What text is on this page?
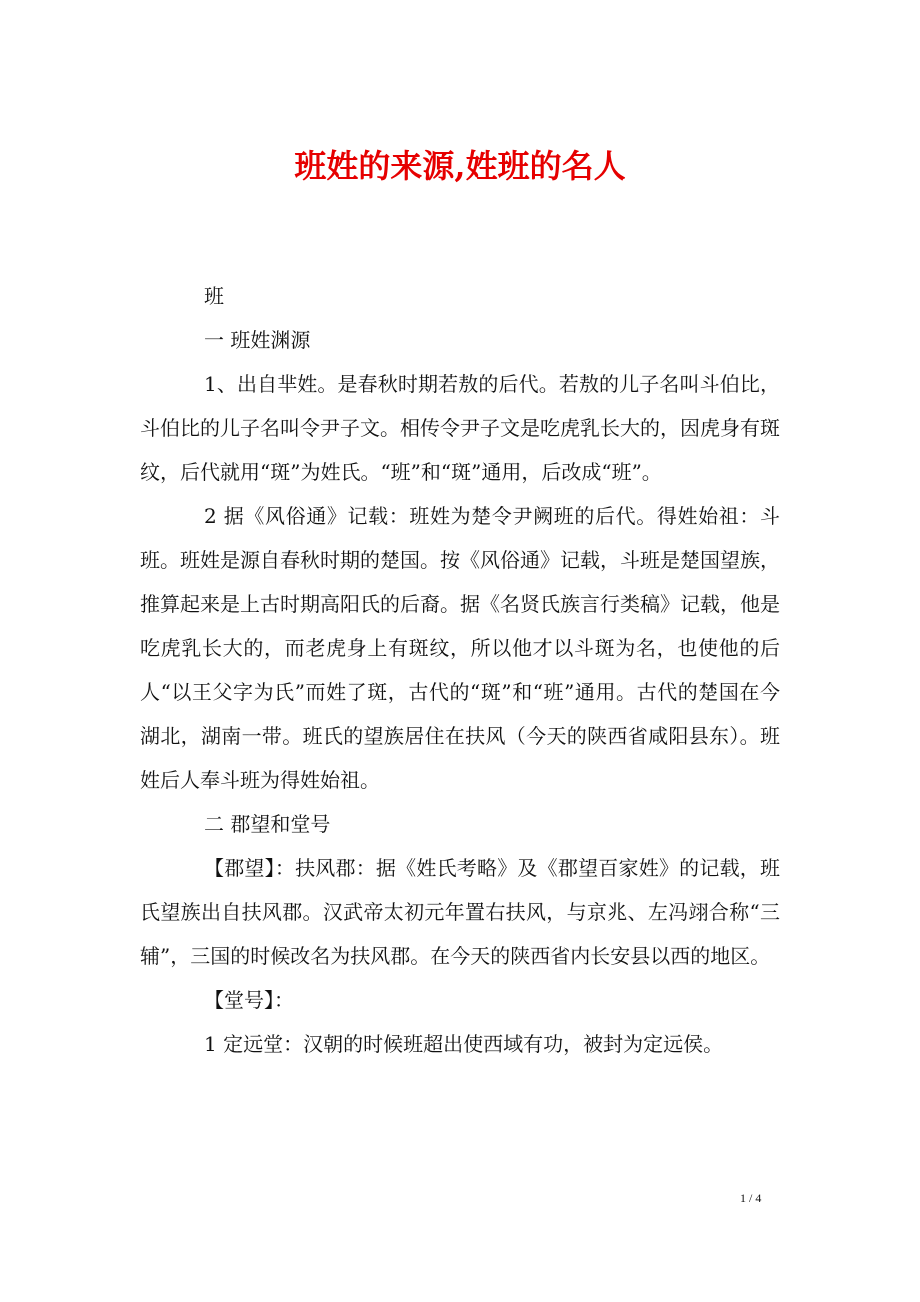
班姓的来源,姓班的名人

班

一 班姓渊源

1、出自芈姓。是春秋时期若敖的后代。若敖的儿子名叫斗伯比，斗伯比的儿子名叫令尹子文。相传令尹子文是吃虎乳长大的，因虎身有斑纹，后代就用“斑”为姓氏。“班”和“斑”通用，后改成“班”。

2 据《风俗通》记载：班姓为楚令尹阙班的后代。得姓始祖：斗班。班姓是源自春秋时期的楚国。按《风俗通》记载，斗班是楚国望族，推算起来是上古时期高阳氏的后裔。据《名贤氏族言行类稿》记载，他是吃虎乳长大的，而老虎身上有斑纹，所以他才以斗斑为名，也使他的后人“以王父字为氏”而姓了斑，古代的“斑”和“班”通用。古代的楚国在今湖北，湖南一带。班氏的望族居住在扶风（今天的陕西省咸阳县东）。班姓后人奉斗班为得姓始祖。

二 郡望和堂号

【郡望】：扶风郡：据《姓氏考略》及《郡望百家姓》的记载，班氏望族出自扶风郡。汉武帝太初元年置右扶风，与京兆、左冯翊合称“三辅”，三国的时候改名为扶风郡。在今天的陕西省内长安县以西的地区。

【堂号】：

1 定远堂：汉朝的时候班超出使西域有功，被封为定远侯。

1 / 4
